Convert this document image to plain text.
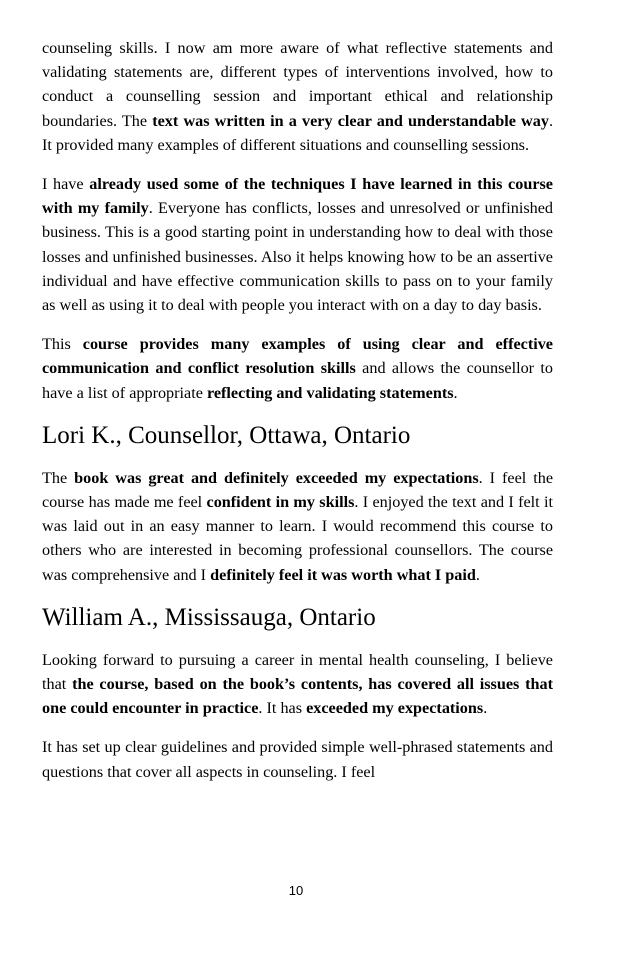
counseling skills. I now am more aware of what reflective statements and validating statements are, different types of interventions involved, how to conduct a counselling session and important ethical and relationship boundaries. The text was written in a very clear and understandable way. It provided many examples of different situations and counselling sessions.

I have already used some of the techniques I have learned in this course with my family. Everyone has conflicts, losses and unresolved or unfinished business. This is a good starting point in understanding how to deal with those losses and unfinished businesses. Also it helps knowing how to be an assertive individual and have effective communication skills to pass on to your family as well as using it to deal with people you interact with on a day to day basis.

This course provides many examples of using clear and effective communication and conflict resolution skills and allows the counsellor to have a list of appropriate reflecting and validating statements.

Lori K., Counsellor, Ottawa, Ontario

The book was great and definitely exceeded my expectations. I feel the course has made me feel confident in my skills. I enjoyed the text and I felt it was laid out in an easy manner to learn. I would recommend this course to others who are interested in becoming professional counsellors. The course was comprehensive and I definitely feel it was worth what I paid.

William A., Mississauga, Ontario

Looking forward to pursuing a career in mental health counseling, I believe that the course, based on the book’s contents, has covered all issues that one could encounter in practice. It has exceeded my expectations.

It has set up clear guidelines and provided simple well-phrased statements and questions that cover all aspects in counseling. I feel

10
